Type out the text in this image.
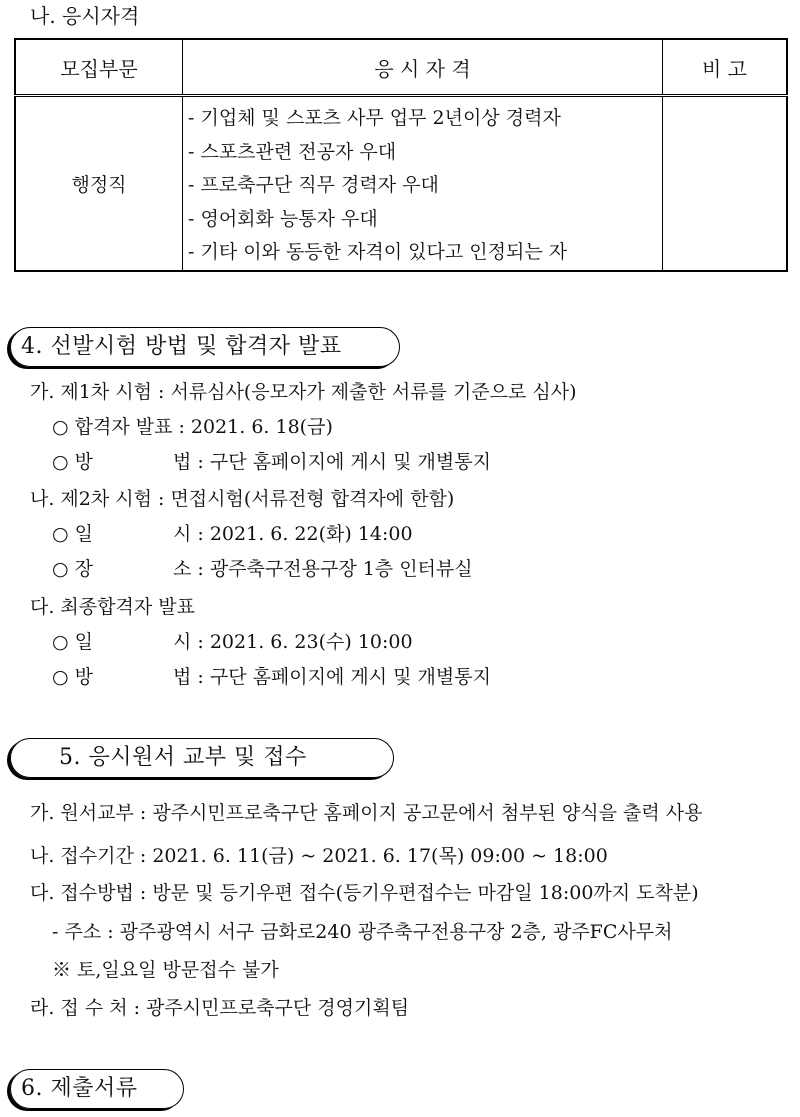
나. 응시자격
모집부문	응 시 자 격	비 고
행정직	- 기업체 및 스포츠 사무 업무 2년이상 경력자
- 스포츠관련 전공자 우대
- 프로축구단 직무 경력자 우대
- 영어회화 능통자 우대
- 기타 이와 동등한 자격이 있다고 인정되는 자	

4. 선발시험 방법 및 합격자 발표
가. 제1차 시험 : 서류심사(응모자가 제출한 서류를 기준으로 심사)
○ 합격자 발표 : 2021. 6. 18(금)
○ 방	법 : 구단 홈페이지에 게시 및 개별통지
나. 제2차 시험 : 면접시험(서류전형 합격자에 한함)
○ 일	시 : 2021. 6. 22(화) 14:00
○ 장	소 : 광주축구전용구장 1층 인터뷰실
다. 최종합격자 발표
○ 일	시 : 2021. 6. 23(수) 10:00
○ 방	법 : 구단 홈페이지에 게시 및 개별통지
5. 응시원서 교부 및 접수
가. 원서교부 : 광주시민프로축구단 홈페이지 공고문에서 첨부된 양식을 출력 사용
나. 접수기간 : 2021. 6. 11(금) ~ 2021. 6. 17(목) 09:00 ~ 18:00
다. 접수방법 : 방문 및 등기우편 접수(등기우편접수는 마감일 18:00까지 도착분)
- 주소 : 광주광역시 서구 금화로240 광주축구전용구장 2층, 광주FC사무처
※ 토,일요일 방문접수 불가
라. 접 수 처 : 광주시민프로축구단 경영기획팀
6. 제출서류
